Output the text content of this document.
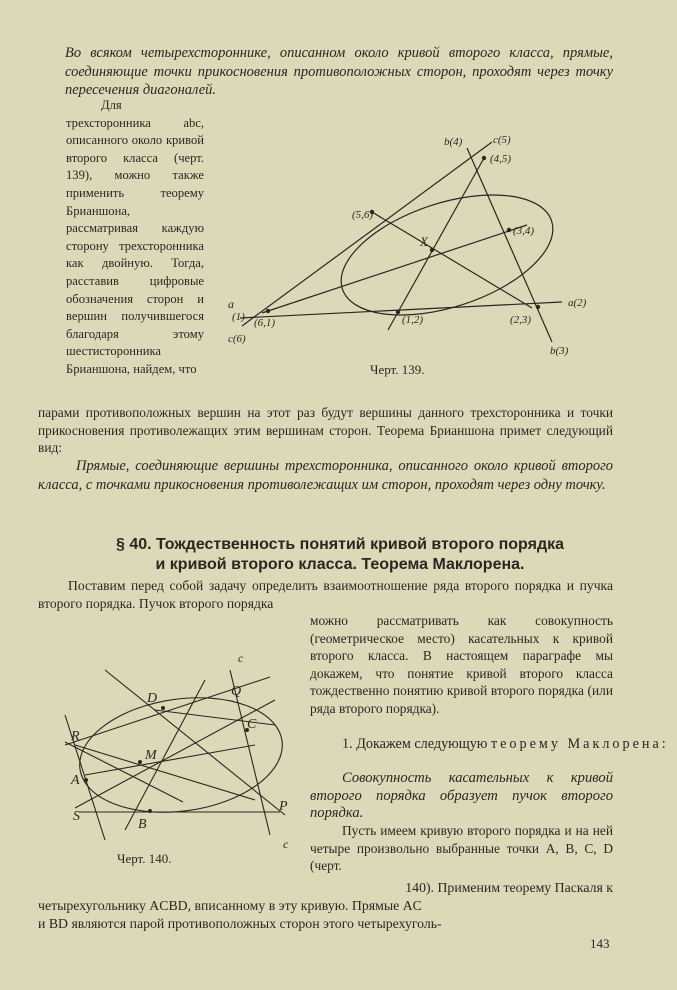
Во всяком четырехстороннике, описанном около кривой второго класса, прямые, соединяющие точки прикосновения противоположных сторон, проходят через точку пересечения диагоналей.

Для трехсторонника abc, описанного около кривой второго класса (черт. 139), можно также применить теорему Брианшона, рассматривая каждую сторону трехсторонника как двойную. Тогда, расставив цифровые обозначения сторон и вершин получившегося благодаря этому шестисторонника Брианшона, найдем, что

b(4)	c(5)
(4,5)
(5,6)
X
(3,4)
a
(1) (6,1)
c(6)
(1,2)	(2,3)
a(2)
b(3)
Черт. 139.

парами противоположных вершин на этот раз будут вершины данного трехсторонника и точки прикосновения противолежащих этим вершинам сторон. Теорема Брианшона примет следующий вид:

Прямые, соединяющие вершины трехсторонника, описанного около кривой второго класса, с точками прикосновения противолежащих им сторон, проходят через одну точку.

§ 40. Тождественность понятий кривой второго порядка
и кривой второго класса. Теорема Маклорена.

Поставим перед собой задачу определить взаимоотношение ряда второго порядка и пучка второго порядка. Пучок второго порядка

можно рассматривать как совокупность (геометрическое место) касательных к кривой второго класса. В настоящем параграфе мы докажем, что понятие кривой второго класса тождественно понятию кривой второго порядка (или ряда второго порядка).

1. Докажем следующую теорему Маклорена:

Совокупность касательных к кривой второго порядка образует пучок второго порядка.

Пусть имеем кривую второго порядка и на ней четыре произвольно выбранные точки A, B, C, D (черт.

140). Применим теорему Паскаля к

четырехугольнику ACBD, вписанному в эту кривую. Прямые AC

и BD являются парой противоположных сторон этого четырехуголь-

c
Q
D
C
R
A
M
P
S
B
c
Черт. 140.
143
